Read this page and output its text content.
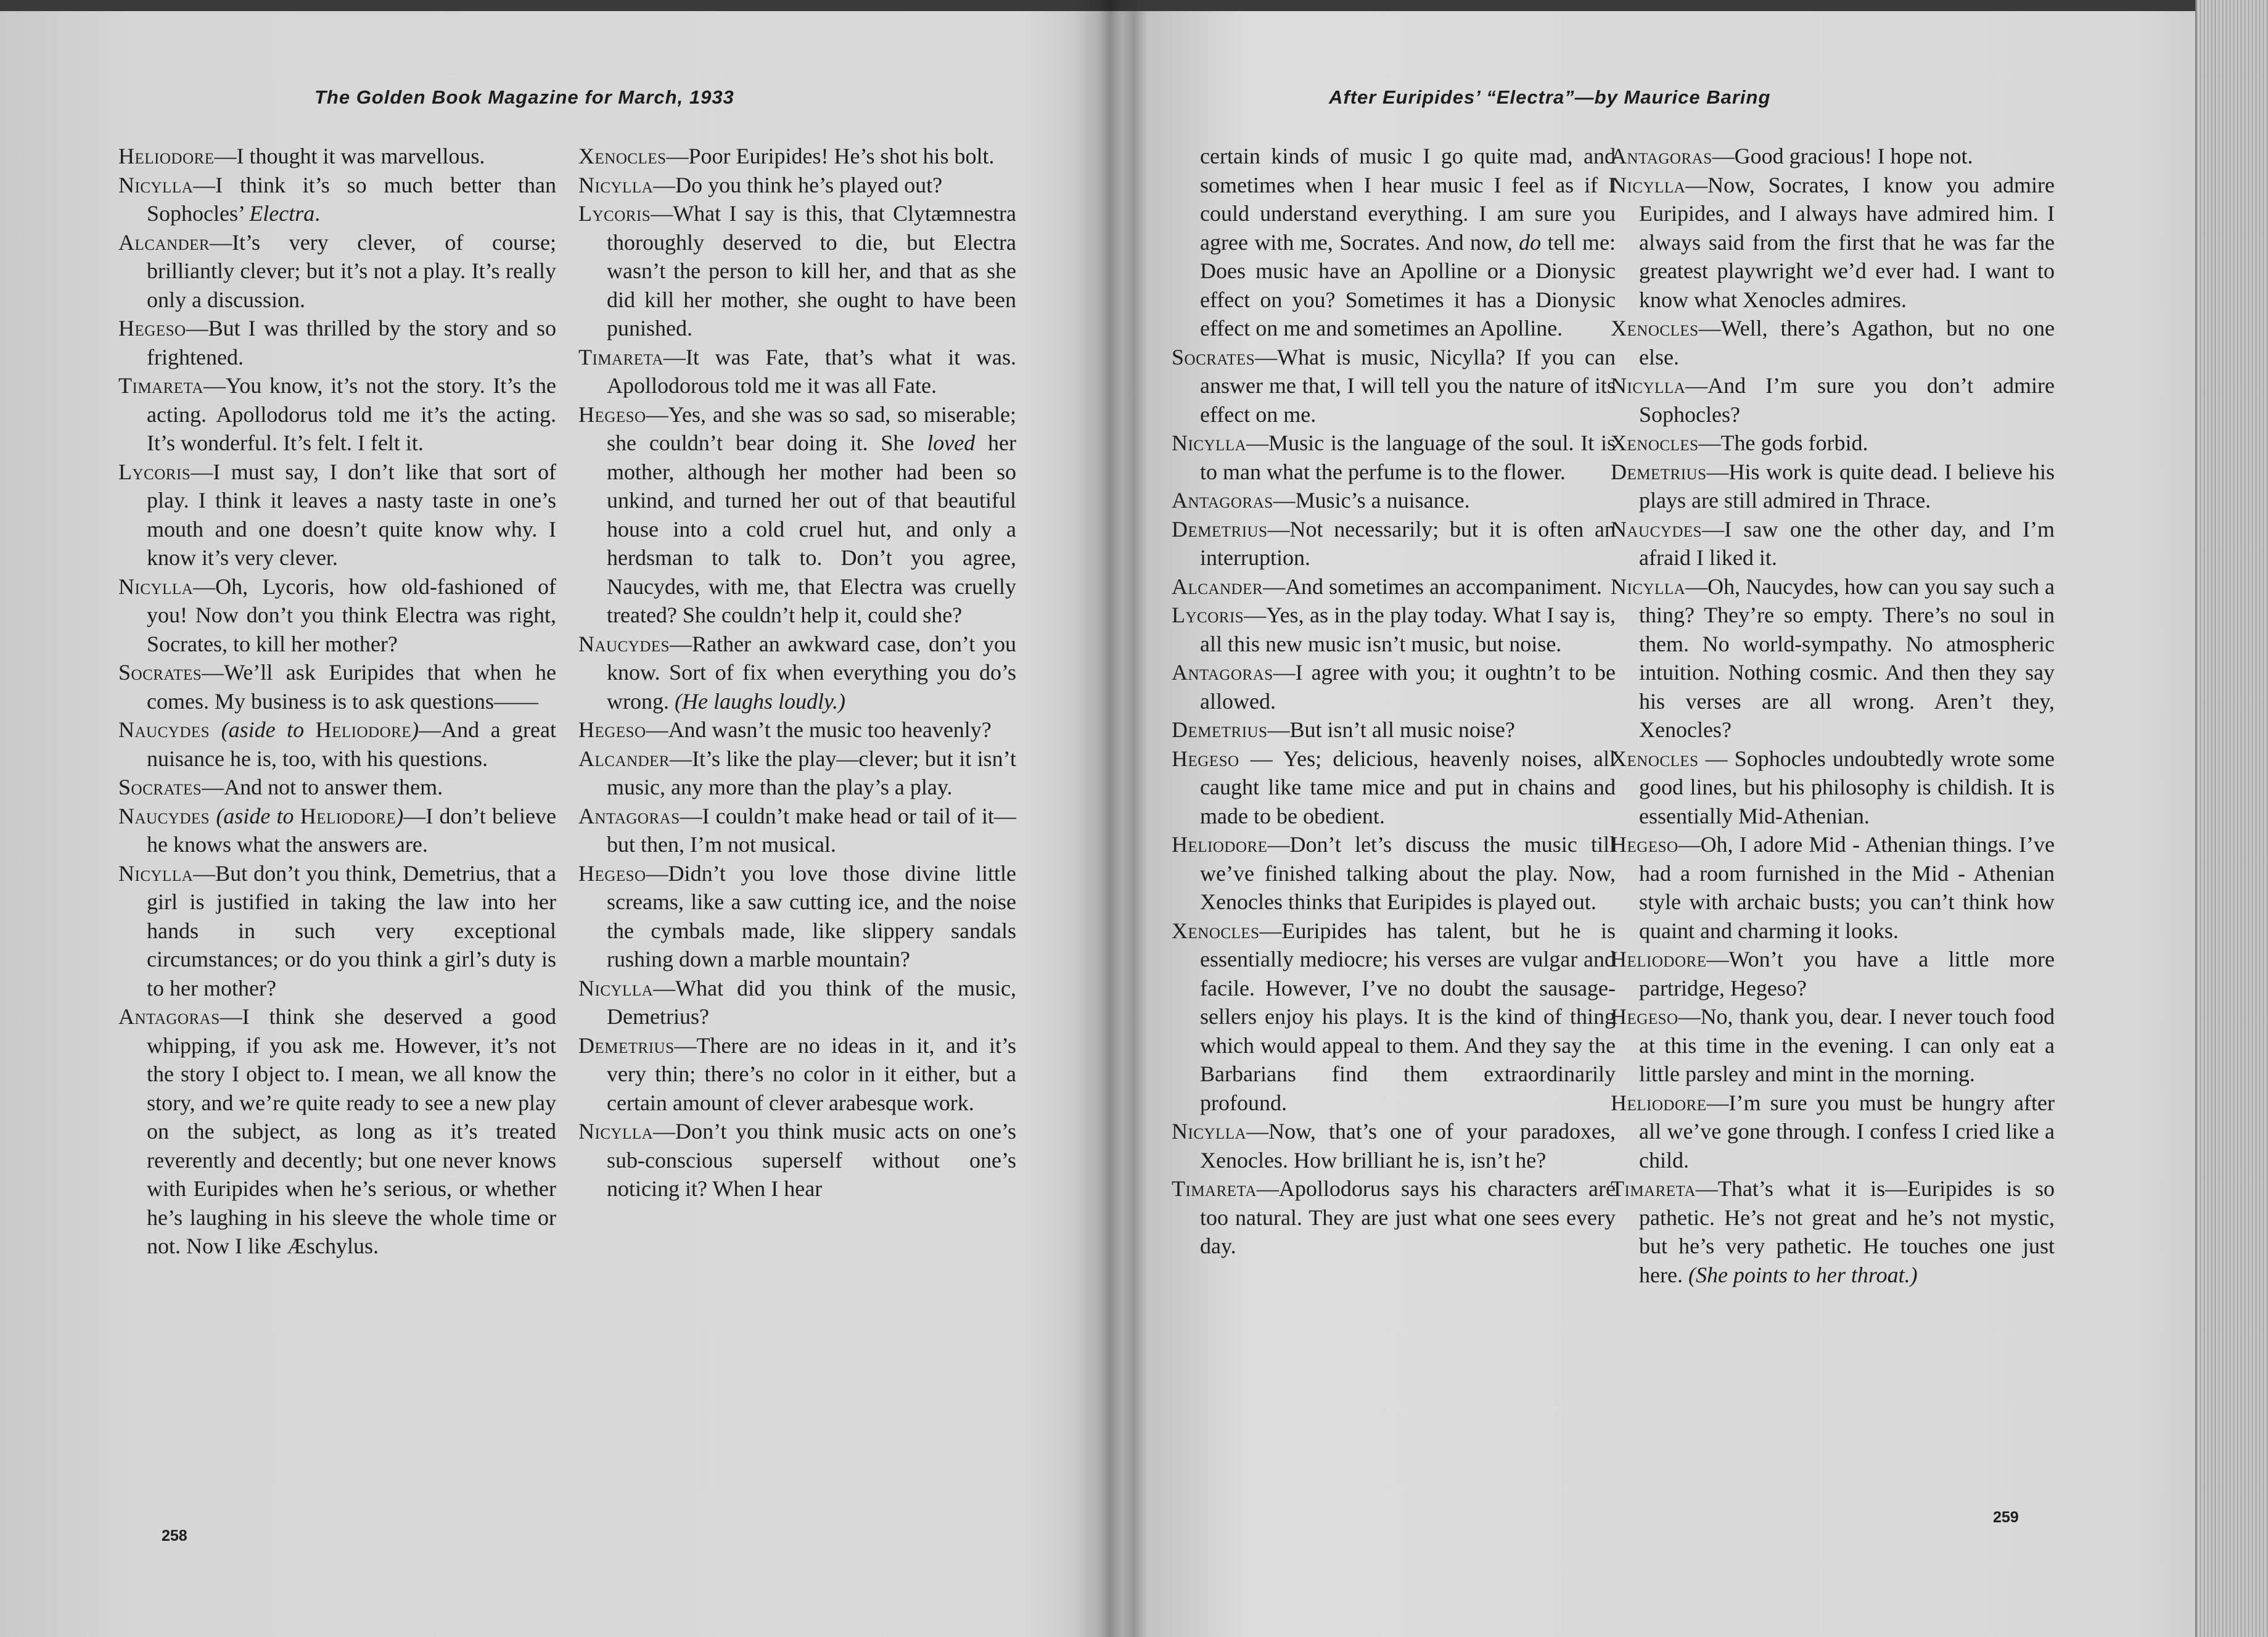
The Golden Book Magazine for March, 1933

Heliodore—I thought it was marvellous.

Nicylla—I think it’s so much better than Sophocles’ Electra.

Alcander—It’s very clever, of course; brilliantly clever; but it’s not a play. It’s really only a discussion.

Hegeso—But I was thrilled by the story and so frightened.

Timareta—You know, it’s not the story. It’s the acting. Apollodorus told me it’s the acting. It’s wonderful. It’s felt. I felt it.

Lycoris—I must say, I don’t like that sort of play. I think it leaves a nasty taste in one’s mouth and one doesn’t quite know why. I know it’s very clever.

Nicylla—Oh, Lycoris, how old-fashioned of you! Now don’t you think Electra was right, Socrates, to kill her mother?

Socrates—We’ll ask Euripides that when he comes. My business is to ask questions——

Naucydes (aside to Heliodore)—And a great nuisance he is, too, with his questions.

Socrates—And not to answer them.

Naucydes (aside to Heliodore)—I don’t believe he knows what the answers are.

Nicylla—But don’t you think, Demetrius, that a girl is justified in taking the law into her hands in such very exceptional circumstances; or do you think a girl’s duty is to her mother?

Antagoras—I think she deserved a good whipping, if you ask me. However, it’s not the story I object to. I mean, we all know the story, and we’re quite ready to see a new play on the subject, as long as it’s treated reverently and decently; but one never knows with Euripides when he’s serious, or whether he’s laughing in his sleeve the whole time or not. Now I like Æschylus.

Xenocles—Poor Euripides! He’s shot his bolt.

Nicylla—Do you think he’s played out?

Lycoris—What I say is this, that Clytæmnestra thoroughly deserved to die, but Electra wasn’t the person to kill her, and that as she did kill her mother, she ought to have been punished.

Timareta—It was Fate, that’s what it was. Apollodorous told me it was all Fate.

Hegeso—Yes, and she was so sad, so miserable; she couldn’t bear doing it. She loved her mother, although her mother had been so unkind, and turned her out of that beautiful house into a cold cruel hut, and only a herdsman to talk to. Don’t you agree, Naucydes, with me, that Electra was cruelly treated? She couldn’t help it, could she?

Naucydes—Rather an awkward case, don’t you know. Sort of fix when everything you do’s wrong. (He laughs loudly.)

Hegeso—And wasn’t the music too heavenly?

Alcander—It’s like the play—clever; but it isn’t music, any more than the play’s a play.

Antagoras—I couldn’t make head or tail of it—but then, I’m not musical.

Hegeso—Didn’t you love those divine little screams, like a saw cutting ice, and the noise the cymbals made, like slippery sandals rushing down a marble mountain?

Nicylla—What did you think of the music, Demetrius?

Demetrius—There are no ideas in it, and it’s very thin; there’s no color in it either, but a certain amount of clever arabesque work.

Nicylla—Don’t you think music acts on one’s sub-conscious superself without one’s noticing it? When I hear

258
After Euripides’ “Electra”—by Maurice Baring

certain kinds of music I go quite mad, and sometimes when I hear music I feel as if I could understand everything. I am sure you agree with me, Socrates. And now, do tell me: Does music have an Apolline or a Dionysic effect on you? Sometimes it has a Dionysic effect on me and sometimes an Apolline.

Socrates—What is music, Nicylla? If you can answer me that, I will tell you the nature of its effect on me.

Nicylla—Music is the language of the soul. It is to man what the perfume is to the flower.

Antagoras—Music’s a nuisance.

Demetrius—Not necessarily; but it is often an interruption.

Alcander—And sometimes an accompaniment.

Lycoris—Yes, as in the play today. What I say is, all this new music isn’t music, but noise.

Antagoras—I agree with you; it oughtn’t to be allowed.

Demetrius—But isn’t all music noise?

Hegeso — Yes; delicious, heavenly noises, all caught like tame mice and put in chains and made to be obedient.

Heliodore—Don’t let’s discuss the music till we’ve finished talking about the play. Now, Xenocles thinks that Euripides is played out.

Xenocles—Euripides has talent, but he is essentially mediocre; his verses are vulgar and facile. However, I’ve no doubt the sausage-sellers enjoy his plays. It is the kind of thing which would appeal to them. And they say the Barbarians find them extraordinarily profound.

Nicylla—Now, that’s one of your paradoxes, Xenocles. How brilliant he is, isn’t he?

Timareta—Apollodorus says his characters are too natural. They are just what one sees every day.

Antagoras—Good gracious! I hope not.

Nicylla—Now, Socrates, I know you admire Euripides, and I always have admired him. I always said from the first that he was far the greatest playwright we’d ever had. I want to know what Xenocles admires.

Xenocles—Well, there’s Agathon, but no one else.

Nicylla—And I’m sure you don’t admire Sophocles?

Xenocles—The gods forbid.

Demetrius—His work is quite dead. I believe his plays are still admired in Thrace.

Naucydes—I saw one the other day, and I’m afraid I liked it.

Nicylla—Oh, Naucydes, how can you say such a thing? They’re so empty. There’s no soul in them. No world-sympathy. No atmospheric intuition. Nothing cosmic. And then they say his verses are all wrong. Aren’t they, Xenocles?

Xenocles — Sophocles undoubtedly wrote some good lines, but his philosophy is childish. It is essentially Mid-Athenian.

Hegeso—Oh, I adore Mid - Athenian things. I’ve had a room furnished in the Mid - Athenian style with archaic busts; you can’t think how quaint and charming it looks.

Heliodore—Won’t you have a little more partridge, Hegeso?

Hegeso—No, thank you, dear. I never touch food at this time in the evening. I can only eat a little parsley and mint in the morning.

Heliodore—I’m sure you must be hungry after all we’ve gone through. I confess I cried like a child.

Timareta—That’s what it is—Euripides is so pathetic. He’s not great and he’s not mystic, but he’s very pathetic. He touches one just here. (She points to her throat.)

259
